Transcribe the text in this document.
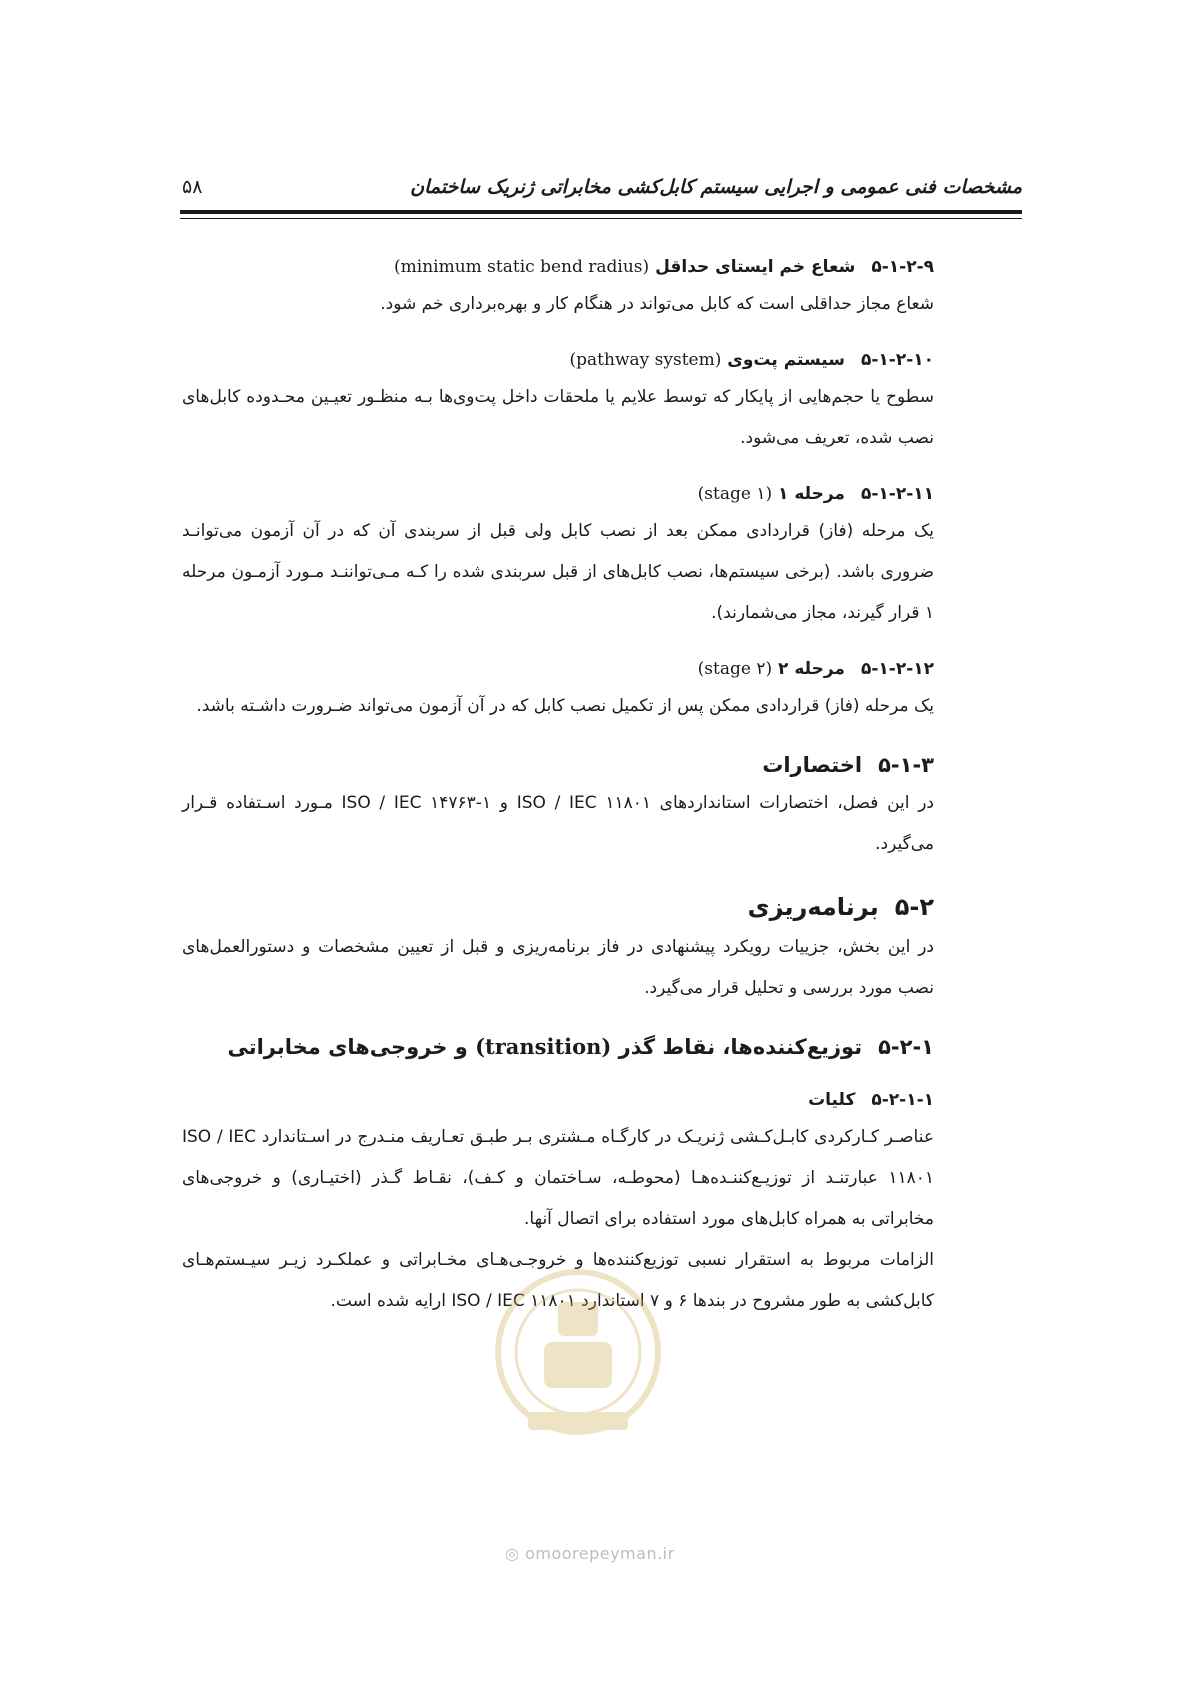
مشخصات فنی عمومی و اجرایی سیستم کابل‌کشی مخابراتی ژنریک ساختمان
۵۸
۵-۱-۲-۹شعاع خم ایستای حداقل (minimum static bend radius)

شعاع مجاز حداقلی است که کابل می‌تواند در هنگام کار و بهره‌برداری خم شود.

۵-۱-۲-۱۰سیستم پت‌وی (pathway system)

سطوح یا حجم‌هایی از پایکار که توسط علایم یا ملحقات داخل پت‌وی‌ها بـه منظـور تعیـین محـدوده کابل‌های نصب شده، تعریف می‌شود.

۵-۱-۲-۱۱مرحله ۱ (stage ۱)

یک مرحله (فاز) قراردادی ممکن بعد از نصب کابل ولی قبل از سربندی آن که در آن آزمون می‌توانـد ضروری باشد. (برخی سیستم‌ها، نصب کابل‌های از قبل سربندی شده را کـه مـی‌تواننـد مـورد آزمـون مرحله ۱ قرار گیرند، مجاز می‌شمارند).

۵-۱-۲-۱۲مرحله ۲ (stage ۲)

یک مرحله (فاز) قراردادی ممکن پس از تکمیل نصب کابل که در آن آزمون می‌تواند ضـرورت داشـته باشد.

۵-۱-۳اختصارات

در این فصل، اختصارات استانداردهای ISO / IEC ۱۱۸۰۱ و ISO / IEC ۱۴۷۶۳-۱ مـورد اسـتفاده قـرار می‌گیرد.

۵-۲برنامه‌ریزی

در این بخش، جزییات رویکرد پیشنهادی در فاز برنامه‌ریزی و قبل از تعیین مشخصات و دستورالعمل‌های نصب مورد بررسی و تحلیل قرار می‌گیرد.

۵-۲-۱توزیع‌کننده‌ها، نقاط گذر (transition) و خروجی‌های مخابراتی
۵-۲-۱-۱کلیات

عناصـر کـارکردی کابـل‌کـشی ژنریـک در کارگـاه مـشتری بـر طبـق تعـاریف منـدرج در اسـتاندارد ISO / IEC ۱۱۸۰۱ عبارتنـد از توزیـع‌کننـده‌هـا (محوطـه، سـاختمان و کـف)، نقـاط گـذر (اختیـاری) و خروجی‌های مخابراتی به همراه کابل‌های مورد استفاده برای اتصال آنها.

الزامات مربوط به استقرار نسبی توزیع‌کننده‌ها و خروجـی‌هـای مخـابراتی و عملکـرد زیـر سیـستم‌هـای کابل‌کشی به طور مشروح در بندها ۶ و ۷ استاندارد ISO / IEC ۱۱۸۰۱ ارایه شده است.

◎ omoorepeyman.ir
